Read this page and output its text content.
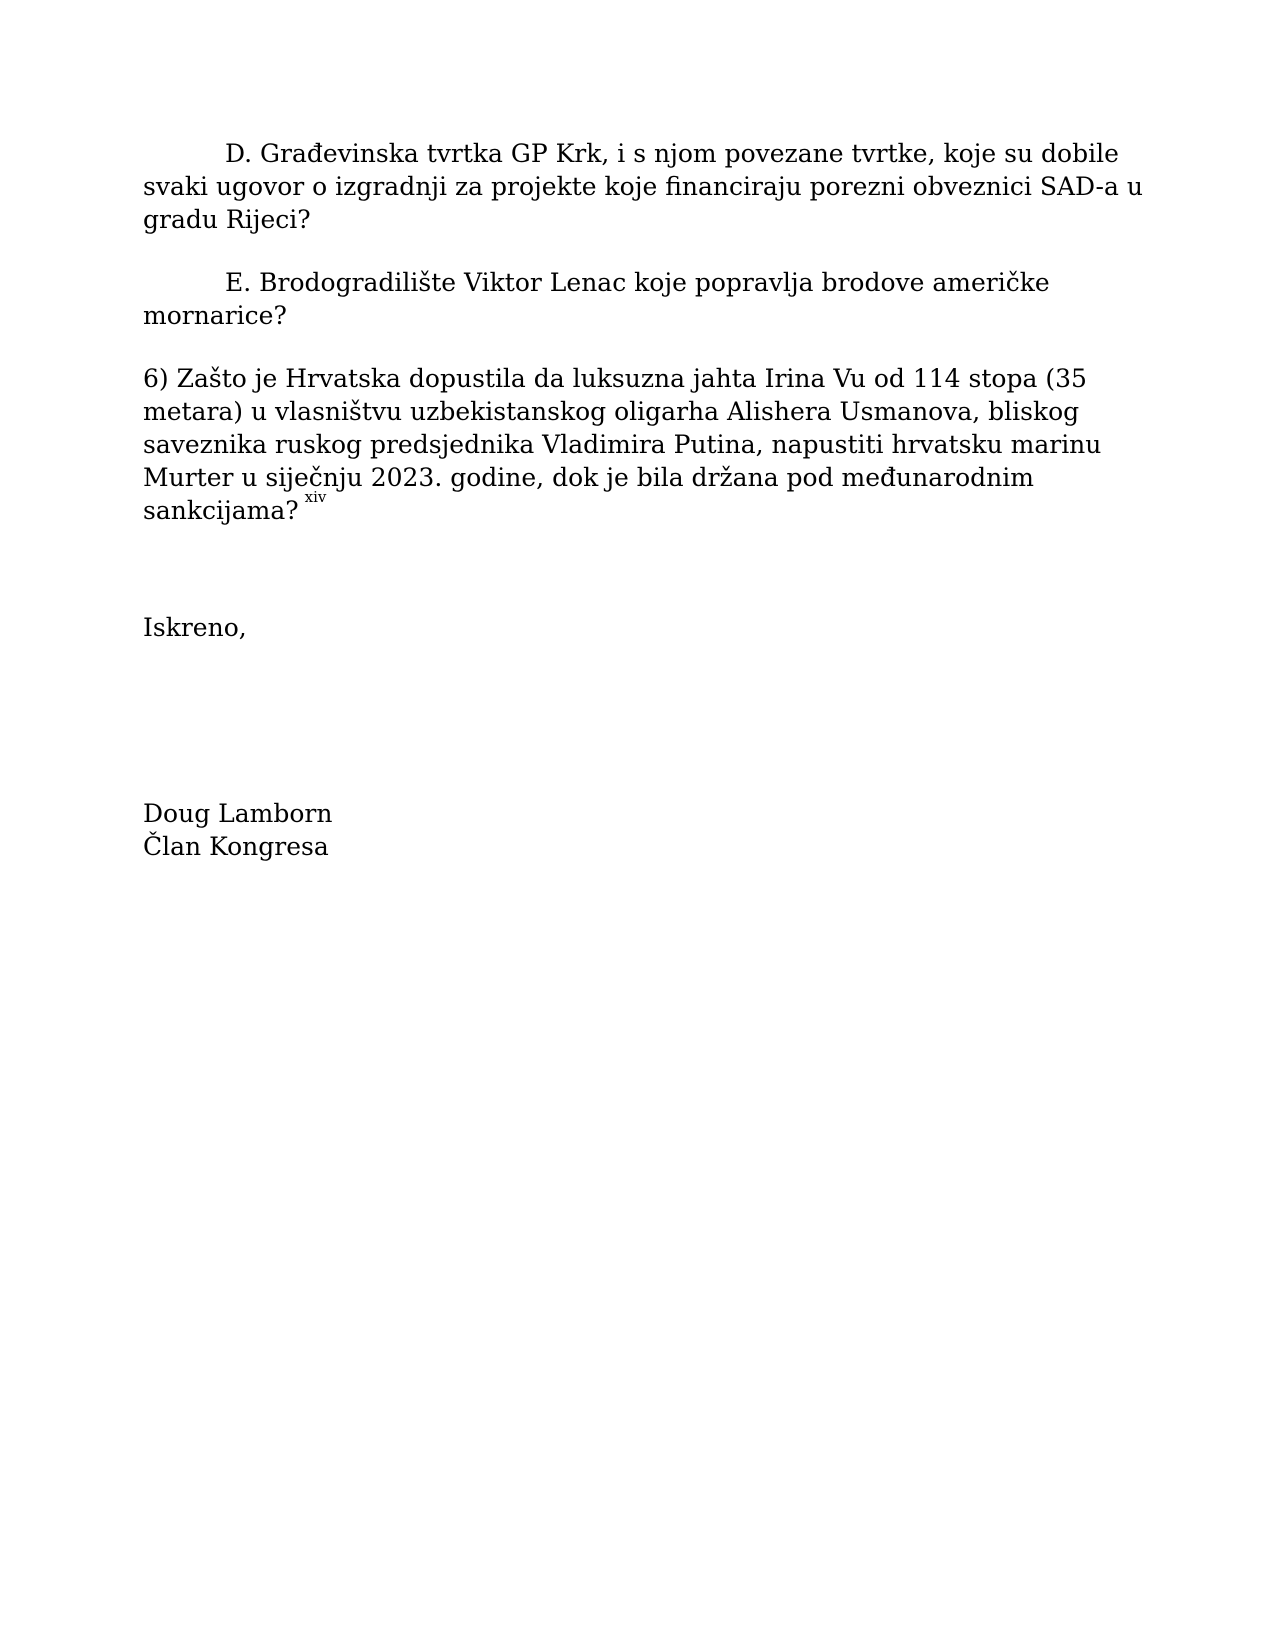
D. Građevinska tvrtka GP Krk, i s njom povezane tvrtke, koje su dobile
svaki ugovor o izgradnji za projekte koje financiraju porezni obveznici SAD-a u
gradu Rijeci?
E. Brodogradilište Viktor Lenac koje popravlja brodove američke
mornarice?
6) Zašto je Hrvatska dopustila da luksuzna jahta Irina Vu od 114 stopa (35
metara) u vlasništvu uzbekistanskog oligarha Alishera Usmanova, bliskog
saveznika ruskog predsjednika Vladimira Putina, napustiti hrvatsku marinu
Murter u siječnju 2023. godine, dok je bila držana pod međunarodnim
sankcijama? $^{xiv}$
Iskreno,
Doug Lamborn
Član Kongresa
